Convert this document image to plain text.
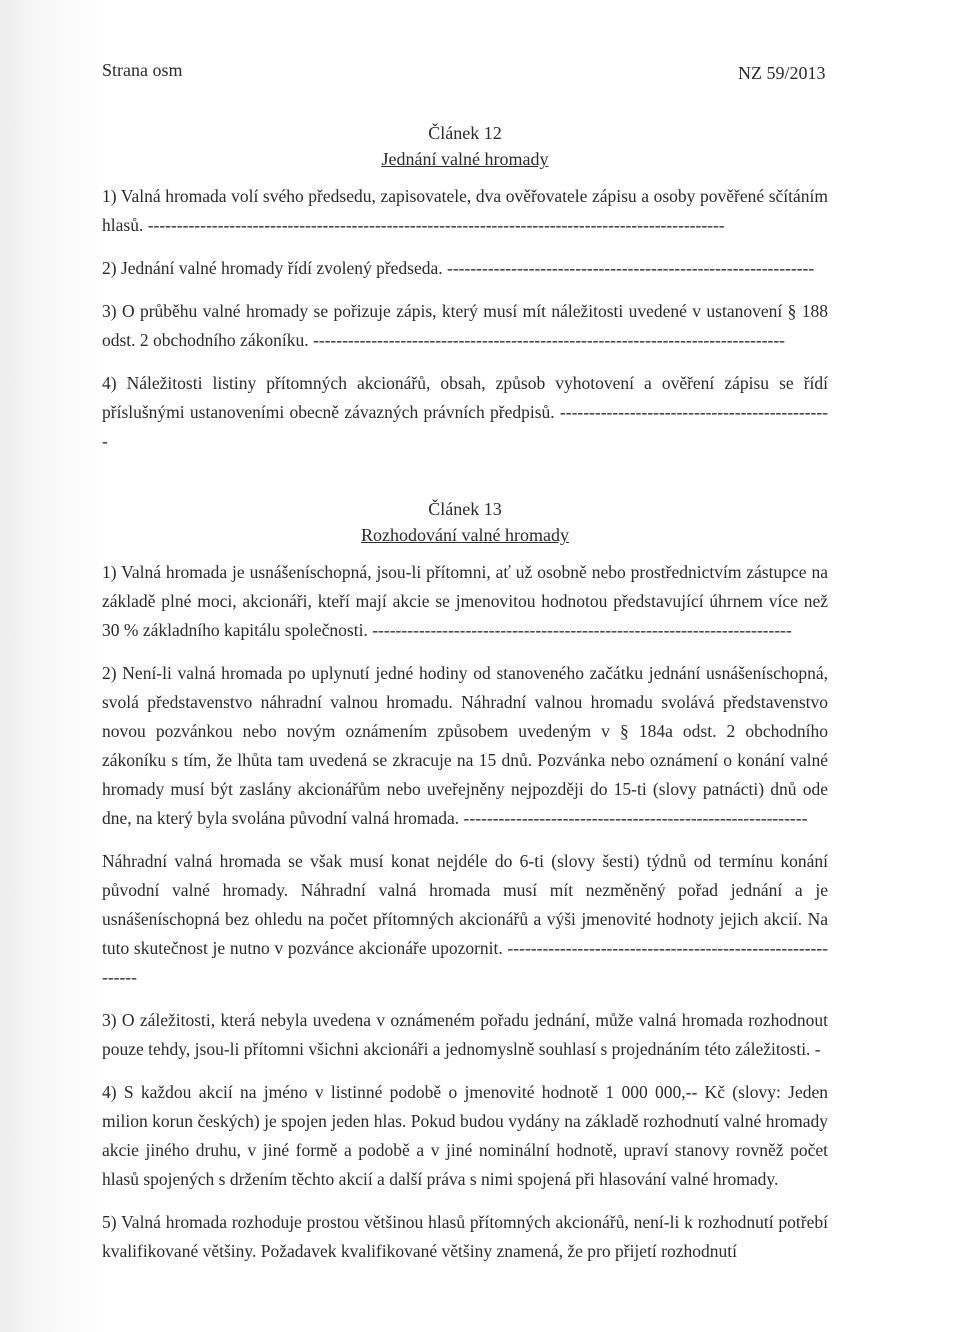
Strana osm	NZ 59/2013

Článek 12

Jednání valné hromady

1) Valná hromada volí svého předsedu, zapisovatele, dva ověřovatele zápisu a osoby pověřené sčítáním hlasů. ---------------------------------------------------------------------------------------------------

2) Jednání valné hromady řídí zvolený předseda. ---------------------------------------------------------------

3) O průběhu valné hromady se pořizuje zápis, který musí mít náležitosti uvedené v ustanovení § 188 odst. 2 obchodního zákoníku. ---------------------------------------------------------------------------------

4) Náležitosti listiny přítomných akcionářů, obsah, způsob vyhotovení a ověření zápisu se řídí příslušnými ustanoveními obecně závazných právních předpisů. -----------------------------------------------

Článek 13

Rozhodování valné hromady

1) Valná hromada je usnášeníschopná, jsou-li přítomni, ať už osobně nebo prostřednictvím zástupce na základě plné moci, akcionáři, kteří mají akcie se jmenovitou hodnotou představující úhrnem více než 30 % základního kapitálu společnosti. ------------------------------------------------------------------------

2) Není-li valná hromada po uplynutí jedné hodiny od stanoveného začátku jednání usnášeníschopná, svolá představenstvo náhradní valnou hromadu. Náhradní valnou hromadu svolává představenstvo novou pozvánkou nebo novým oznámením způsobem uvedeným v § 184a odst. 2 obchodního zákoníku s tím, že lhůta tam uvedená se zkracuje na 15 dnů. Pozvánka nebo oznámení o konání valné hromady musí být zaslány akcionářům nebo uveřejněny nejpozději do 15-ti (slovy patnácti) dnů ode dne, na který byla svolána původní valná hromada. -----------------------------------------------------------

Náhradní valná hromada se však musí konat nejdéle do 6-ti (slovy šesti) týdnů od termínu konání původní valné hromady. Náhradní valná hromada musí mít nezměněný pořad jednání a je usnášeníschopná bez ohledu na počet přítomných akcionářů a výši jmenovité hodnoty jejich akcií. Na tuto skutečnost je nutno v pozvánce akcionáře upozornit. -------------------------------------------------------------

3) O záležitosti, která nebyla uvedena v oznámeném pořadu jednání, může valná hromada rozhodnout pouze tehdy, jsou-li přítomni všichni akcionáři a jednomyslně souhlasí s projednáním této záležitosti. -

4) S každou akcií na jméno v listinné podobě o jmenovité hodnotě 1 000 000,-- Kč (slovy: Jeden milion korun českých) je spojen jeden hlas. Pokud budou vydány na základě rozhodnutí valné hromady akcie jiného druhu, v jiné formě a podobě a v jiné nominální hodnotě, upraví stanovy rovněž počet hlasů spojených s držením těchto akcií a další práva s nimi spojená při hlasování valné hromady.

5) Valná hromada rozhoduje prostou většinou hlasů přítomných akcionářů, není-li k rozhodnutí potřebí kvalifikované většiny. Požadavek kvalifikované většiny znamená, že pro přijetí rozhodnutí
